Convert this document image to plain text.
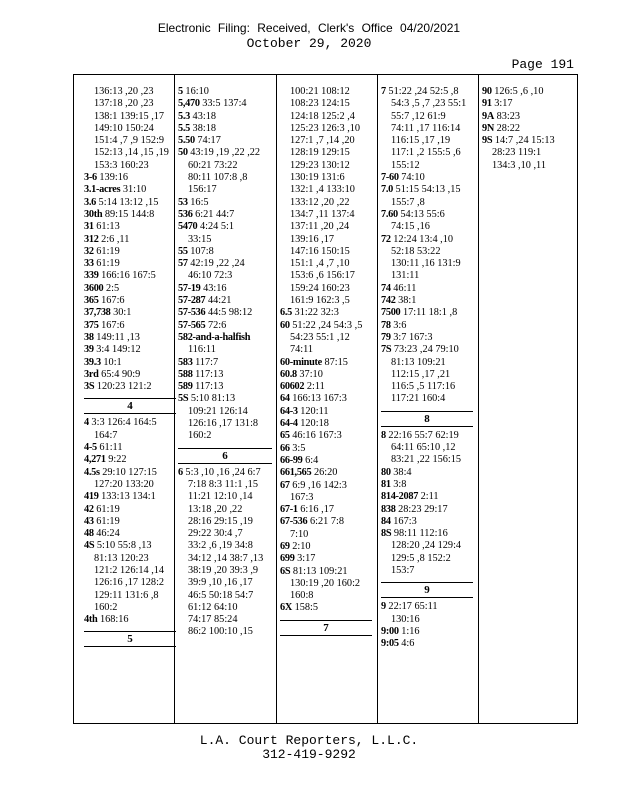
Electronic Filing: Received, Clerk's Office 04/20/2021
October 29, 2020
Page 191
136:13 ,20 ,23
137:18 ,20 ,23
138:1 139:15 ,17
149:10 150:24
151:4 ,7 ,9 152:9
152:13 ,14 ,15 ,19
153:3 160:23
3-6 139:16
3.1-acres 31:10
3.6 5:14 13:12 ,15
30th 89:15 144:8
31 61:13
312 2:6 ,11
32 61:19
33 61:19
339 166:16 167:5
3600 2:5
365 167:6
37,738 30:1
375 167:6
38 149:11 ,13
39 3:4 149:12
39.3 10:1
3rd 65:4 90:9
3S 120:23 121:2
4
4 3:3 126:4 164:5
164:7
4-5 61:11
4,271 9:22
4.5s 29:10 127:15
127:20 133:20
419 133:13 134:1
42 61:19
43 61:19
48 46:24
4S 5:10 55:8 ,13
81:13 120:23
121:2 126:14 ,14
126:16 ,17 128:2
129:11 131:6 ,8
160:2
4th 168:16
5
5 16:10
5,470 33:5 137:4
5.3 43:18
5.5 38:18
5.50 74:17
50 43:19 ,19 ,22 ,22
60:21 73:22
80:11 107:8 ,8
156:17
53 16:5
536 6:21 44:7
5470 4:24 5:1
33:15
55 107:8
57 42:19 ,22 ,24
46:10 72:3
57-19 43:16
57-287 44:21
57-536 44:5 98:12
57-565 72:6
582-and-a-halfish
116:11
583 117:7
588 117:13
589 117:13
5S 5:10 81:13
109:21 126:14
126:16 ,17 131:8
160:2
6
6 5:3 ,10 ,16 ,24 6:7
7:18 8:3 11:1 ,15
11:21 12:10 ,14
13:18 ,20 ,22
28:16 29:15 ,19
29:22 30:4 ,7
33:2 ,6 ,19 34:8
34:12 ,14 38:7 ,13
38:19 ,20 39:3 ,9
39:9 ,10 ,16 ,17
46:5 50:18 54:7
61:12 64:10
74:17 85:24
86:2 100:10 ,15
100:21 108:12
108:23 124:15
124:18 125:2 ,4
125:23 126:3 ,10
127:1 ,7 ,14 ,20
128:19 129:15
129:23 130:12
130:19 131:6
132:1 ,4 133:10
133:12 ,20 ,22
134:7 ,11 137:4
137:11 ,20 ,24
139:16 ,17
147:16 150:15
151:1 ,4 ,7 ,10
153:6 ,6 156:17
159:24 160:23
161:9 162:3 ,5
6.5 31:22 32:3
60 51:22 ,24 54:3 ,5
54:23 55:1 ,12
74:11
60-minute 87:15
60.8 37:10
60602 2:11
64 166:13 167:3
64-3 120:11
64-4 120:18
65 46:16 167:3
66 3:5
66-99 6:4
661,565 26:20
67 6:9 ,16 142:3
167:3
67-1 6:16 ,17
67-536 6:21 7:8
7:10
69 2:10
699 3:17
6S 81:13 109:21
130:19 ,20 160:2
160:8
6X 158:5
7
7 51:22 ,24 52:5 ,8
54:3 ,5 ,7 ,23 55:1
55:7 ,12 61:9
74:11 ,17 116:14
116:15 ,17 ,19
117:1 ,2 155:5 ,6
155:12
7-60 74:10
7.0 51:15 54:13 ,15
155:7 ,8
7.60 54:13 55:6
74:15 ,16
72 12:24 13:4 ,10
52:18 53:22
130:11 ,16 131:9
131:11
74 46:11
742 38:1
7500 17:11 18:1 ,8
78 3:6
79 3:7 167:3
7S 73:23 ,24 79:10
81:13 109:21
112:15 ,17 ,21
116:5 ,5 117:16
117:21 160:4
8
8 22:16 55:7 62:19
64:11 65:10 ,12
83:21 ,22 156:15
80 38:4
81 3:8
814-2087 2:11
838 28:23 29:17
84 167:3
8S 98:11 112:16
128:20 ,24 129:4
129:5 ,8 152:2
153:7
9
9 22:17 65:11
130:16
9:00 1:16
9:05 4:6
90 126:5 ,6 ,10
91 3:17
9A 83:23
9N 28:22
9S 14:7 ,24 15:13
28:23 119:1
134:3 ,10 ,11
L.A. Court Reporters, L.L.C.
312-419-9292
